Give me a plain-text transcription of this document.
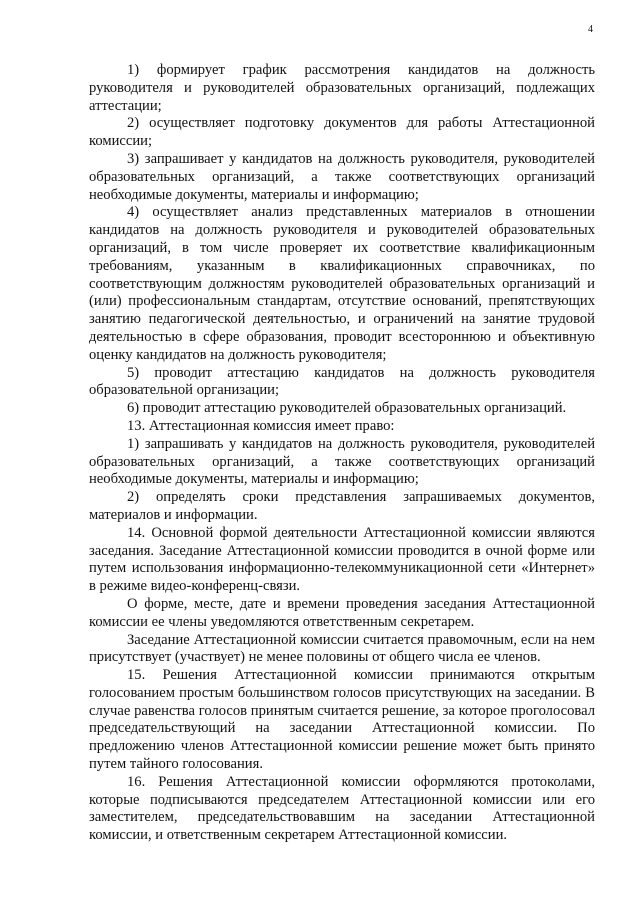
4

1) формирует график рассмотрения кандидатов на должность руководителя и руководителей образовательных организаций, подлежащих аттестации;

2) осуществляет подготовку документов для работы Аттестационной комиссии;

3) запрашивает у кандидатов на должность руководителя, руководителей образовательных организаций, а также соответствующих организаций необходимые документы, материалы и информацию;

4) осуществляет анализ представленных материалов в отношении кандидатов на должность руководителя и руководителей образовательных организаций, в том числе проверяет их соответствие квалификационным требованиям, указанным в квалификационных справочниках, по соответствующим должностям руководителей образовательных организаций и (или) профессиональным стандартам, отсутствие оснований, препятствующих занятию педагогической деятельностью, и ограничений на занятие трудовой деятельностью в сфере образования, проводит всестороннюю и объективную оценку кандидатов на должность руководителя;

5) проводит аттестацию кандидатов на должность руководителя образовательной организации;

6) проводит аттестацию руководителей образовательных организаций.

13. Аттестационная комиссия имеет право:

1) запрашивать у кандидатов на должность руководителя, руководителей образовательных организаций, а также соответствующих организаций необходимые документы, материалы и информацию;

2) определять сроки представления запрашиваемых документов, материалов и информации.

14. Основной формой деятельности Аттестационной комиссии являются заседания. Заседание Аттестационной комиссии проводится в очной форме или путем использования информационно-телекоммуникационной сети «Интернет» в режиме видео-конференц-связи.

О форме, месте, дате и времени проведения заседания Аттестационной комиссии ее члены уведомляются ответственным секретарем.

Заседание Аттестационной комиссии считается правомочным, если на нем присутствует (участвует) не менее половины от общего числа ее членов.

15. Решения Аттестационной комиссии принимаются открытым голосованием простым большинством голосов присутствующих на заседании. В случае равенства голосов принятым считается решение, за которое проголосовал председательствующий на заседании Аттестационной комиссии. По предложению членов Аттестационной комиссии решение может быть принято путем тайного голосования.

16. Решения Аттестационной комиссии оформляются протоколами, которые подписываются председателем Аттестационной комиссии или его заместителем, председательствовавшим на заседании Аттестационной комиссии, и ответственным секретарем Аттестационной комиссии.
